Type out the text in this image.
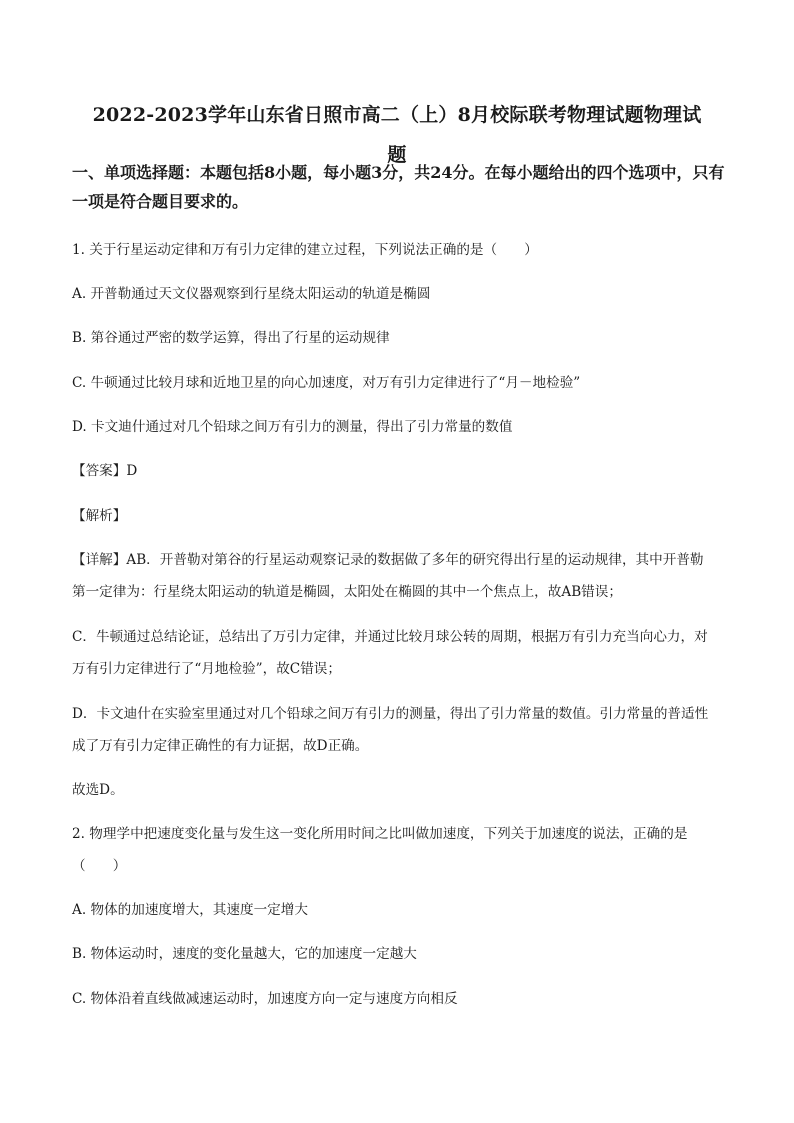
2022-2023学年山东省日照市高二（上）8月校际联考物理试题物理试
题
一、单项选择题：本题包括8小题，每小题3分，共24分。在每小题给出的四个选项中，只有一项是符合题目要求的。
1. 关于行星运动定律和万有引力定律的建立过程，下列说法正确的是（　　）
A. 开普勒通过天文仪器观察到行星绕太阳运动的轨道是椭圆
B. 第谷通过严密的数学运算，得出了行星的运动规律
C. 牛顿通过比较月球和近地卫星的向心加速度，对万有引力定律进行了“月－地检验”
D. 卡文迪什通过对几个铅球之间万有引力的测量，得出了引力常量的数值
【答案】D
【解析】
【详解】AB．开普勒对第谷的行星运动观察记录的数据做了多年的研究得出行星的运动规律，其中开普勒
第一定律为：行星绕太阳运动的轨道是椭圆，太阳处在椭圆的其中一个焦点上，故AB错误；
C．牛顿通过总结论证，总结出了万引力定律，并通过比较月球公转的周期，根据万有引力充当向心力，对
万有引力定律进行了“月地检验”，故C错误；
D．卡文迪什在实验室里通过对几个铅球之间万有引力的测量，得出了引力常量的数值。引力常量的普适性
成了万有引力定律正确性的有力证据，故D正确。
故选D。
2. 物理学中把速度变化量与发生这一变化所用时间之比叫做加速度，下列关于加速度的说法，正确的是
（　　）
A. 物体的加速度增大，其速度一定增大
B. 物体运动时，速度的变化量越大，它的加速度一定越大
C. 物体沿着直线做减速运动时，加速度方向一定与速度方向相反
